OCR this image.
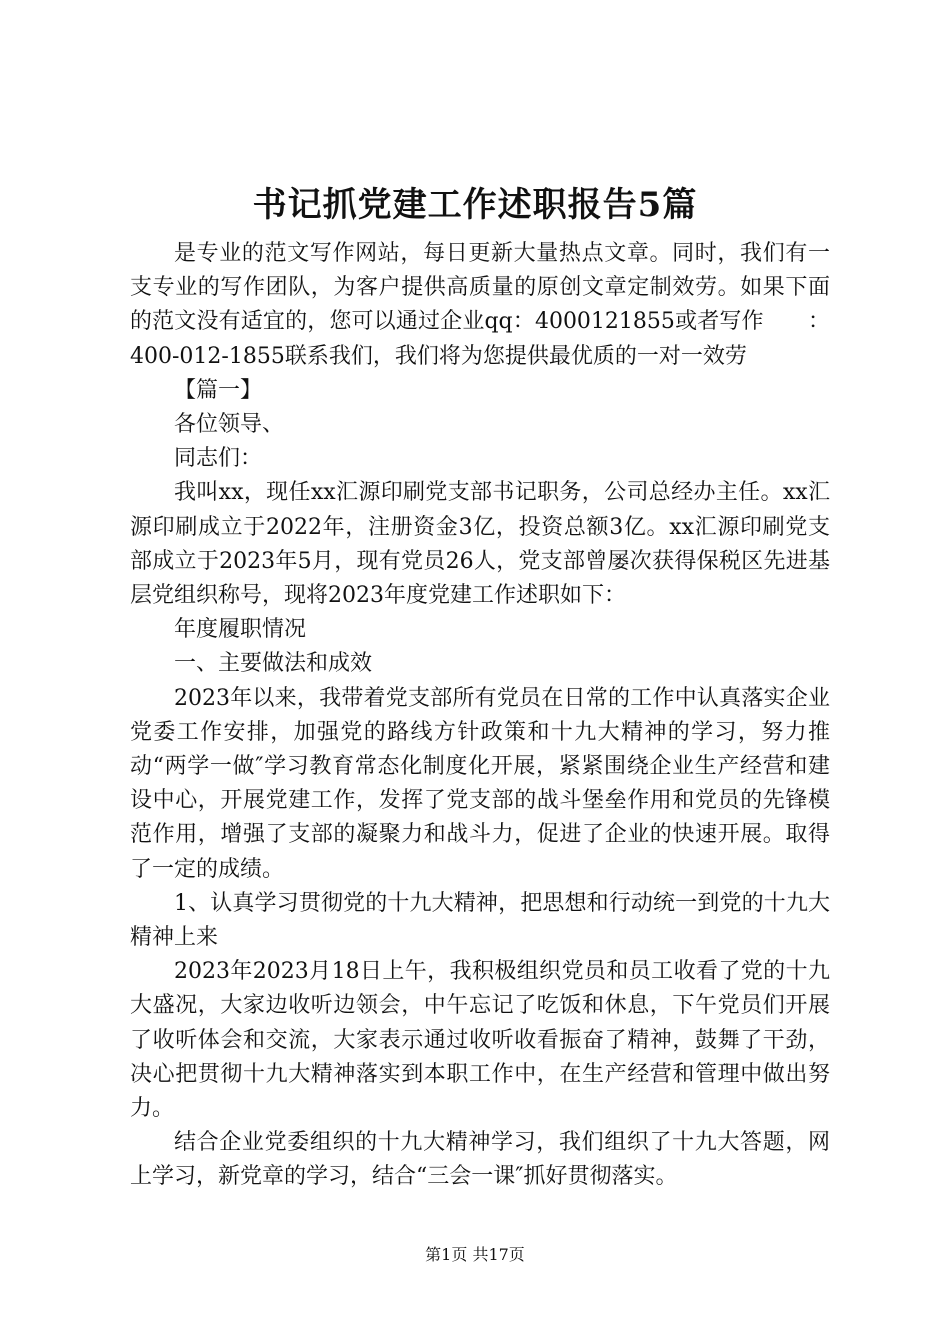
书记抓党建工作述职报告5篇

是专业的范文写作网站，每日更新大量热点文章。同时，我们有一支专业的写作团队，为客户提供高质量的原创文章定制效劳。如果下面的范文没有适宜的，您可以通过企业qq：4000121855或者写作　　：400-012-1855联系我们，我们将为您提供最优质的一对一效劳

【篇一】

各位领导、

同志们：

我叫xx，现任xx汇源印刷党支部书记职务，公司总经办主任。xx汇源印刷成立于2022年，注册资金3亿，投资总额3亿。xx汇源印刷党支部成立于2023年5月，现有党员26人，党支部曾屡次获得保税区先进基层党组织称号，现将2023年度党建工作述职如下：

年度履职情况

一、主要做法和成效

2023年以来，我带着党支部所有党员在日常的工作中认真落实企业党委工作安排，加强党的路线方针政策和十九大精神的学习，努力推动“两学一做″学习教育常态化制度化开展，紧紧围绕企业生产经营和建设中心，开展党建工作，发挥了党支部的战斗堡垒作用和党员的先锋模范作用，增强了支部的凝聚力和战斗力，促进了企业的快速开展。取得了一定的成绩。

1、认真学习贯彻党的十九大精神，把思想和行动统一到党的十九大精神上来

2023年2023月18日上午，我积极组织党员和员工收看了党的十九大盛况，大家边收听边领会，中午忘记了吃饭和休息，下午党员们开展了收听体会和交流，大家表示通过收听收看振奋了精神，鼓舞了干劲，决心把贯彻十九大精神落实到本职工作中，在生产经营和管理中做出努力。

结合企业党委组织的十九大精神学习，我们组织了十九大答题，网上学习，新党章的学习，结合“三会一课″抓好贯彻落实。

第1页 共17页
